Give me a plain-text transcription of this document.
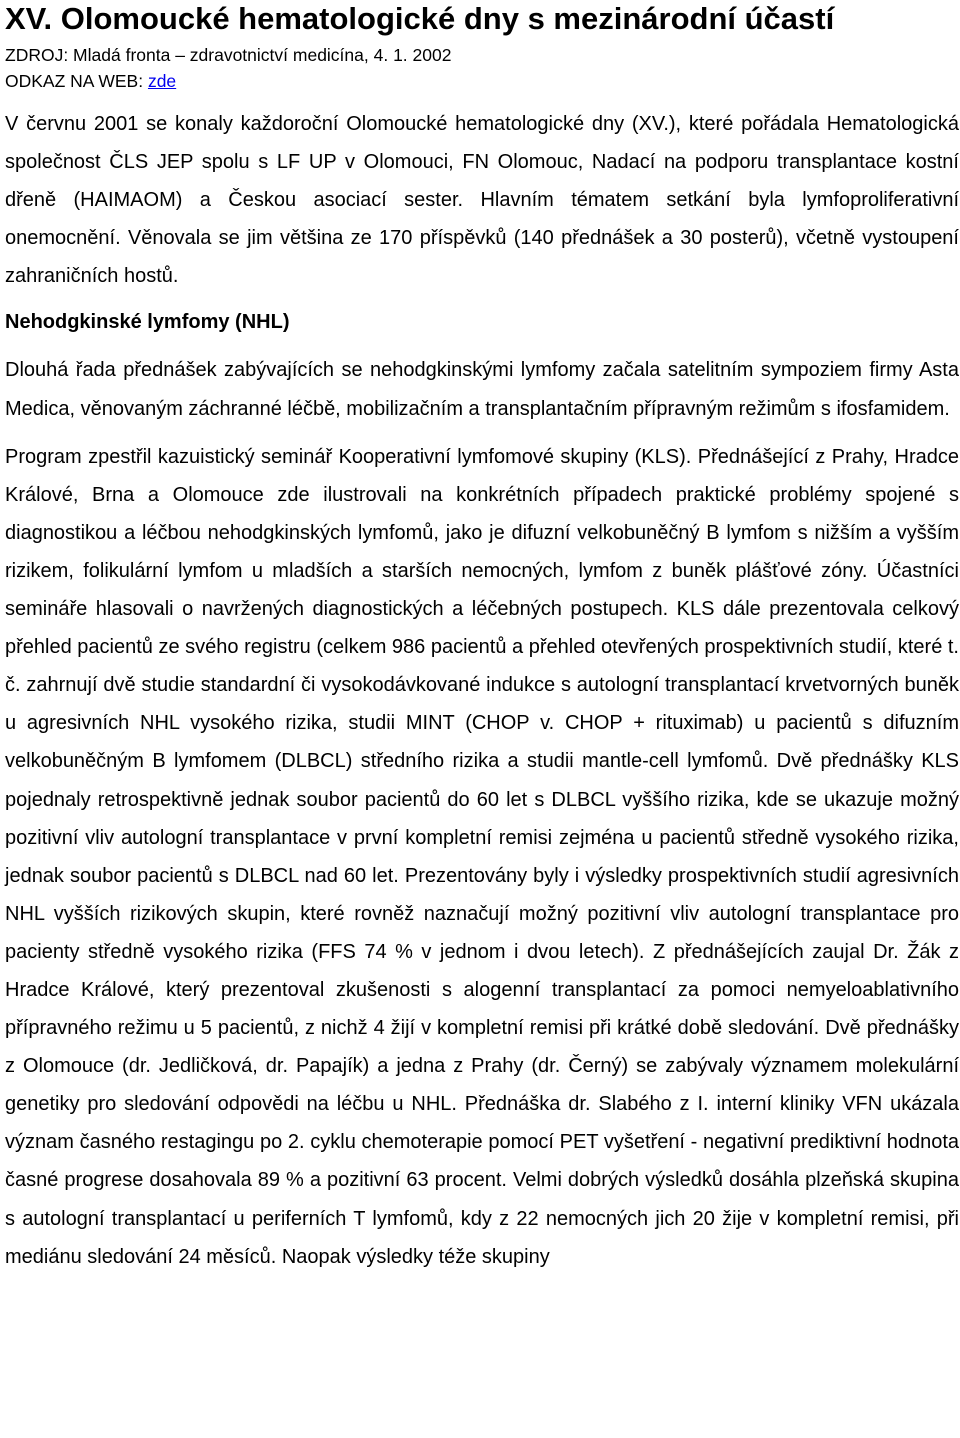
XV. Olomoucké hematologické dny s mezinárodní účastí

ZDROJ: Mladá fronta – zdravotnictví medicína, 4. 1. 2002

ODKAZ NA WEB: zde

V červnu 2001 se konaly každoroční Olomoucké hematologické dny (XV.), které pořádala Hematologická společnost ČLS JEP spolu s LF UP v Olomouci, FN Olomouc, Nadací na podporu transplantace kostní dřeně (HAIMAOM) a Českou asociací sester. Hlavním tématem setkání byla lymfoproliferativní onemocnění. Věnovala se jim většina ze 170 příspěvků (140 přednášek a 30 posterů), včetně vystoupení zahraničních hostů.

Nehodgkinské lymfomy (NHL)

Dlouhá řada přednášek zabývajících se nehodgkinskými lymfomy začala satelitním sympoziem firmy Asta Medica, věnovaným záchranné léčbě, mobilizačním a transplantačním přípravným režimům s ifosfamidem.

Program zpestřil kazuistický seminář Kooperativní lymfomové skupiny (KLS). Přednášející z Prahy, Hradce Králové, Brna a Olomouce zde ilustrovali na konkrétních případech praktické problémy spojené s diagnostikou a léčbou nehodgkinských lymfomů, jako je difuzní velkobuněčný B lymfom s nižším a vyšším rizikem, folikulární lymfom u mladších a starších nemocných, lymfom z buněk plášťové zóny. Účastníci semináře hlasovali o navržených diagnostických a léčebných postupech. KLS dále prezentovala celkový přehled pacientů ze svého registru (celkem 986 pacientů a přehled otevřených prospektivních studií, které t. č. zahrnují dvě studie standardní či vysokodávkované indukce s autologní transplantací krvetvorných buněk u agresivních NHL vysokého rizika, studii MINT (CHOP v. CHOP + rituximab) u pacientů s difuzním velkobuněčným B lymfomem (DLBCL) středního rizika a studii mantle-cell lymfomů. Dvě přednášky KLS pojednaly retrospektivně jednak soubor pacientů do 60 let s DLBCL vyššího rizika, kde se ukazuje možný pozitivní vliv autologní transplantace v první kompletní remisi zejména u pacientů středně vysokého rizika, jednak soubor pacientů s DLBCL nad 60 let. Prezentovány byly i výsledky prospektivních studií agresivních NHL vyšších rizikových skupin, které rovněž naznačují možný pozitivní vliv autologní transplantace pro pacienty středně vysokého rizika (FFS 74 % v jednom i dvou letech). Z přednášejících zaujal Dr. Žák z Hradce Králové, který prezentoval zkušenosti s alogenní transplantací za pomoci nemyeloablativního přípravného režimu u 5 pacientů, z nichž 4 žijí v kompletní remisi při krátké době sledování. Dvě přednášky z Olomouce (dr. Jedličková, dr. Papajík) a jedna z Prahy (dr. Černý) se zabývaly významem molekulární genetiky pro sledování odpovědi na léčbu u NHL. Přednáška dr. Slabého z I. interní kliniky VFN ukázala význam časného restagingu po 2. cyklu chemoterapie pomocí PET vyšetření - negativní prediktivní hodnota časné progrese dosahovala 89 % a pozitivní 63 procent. Velmi dobrých výsledků dosáhla plzeňská skupina s autologní transplantací u periferních T lymfomů, kdy z 22 nemocných jich 20 žije v kompletní remisi, při mediánu sledování 24 měsíců. Naopak výsledky téže skupiny
